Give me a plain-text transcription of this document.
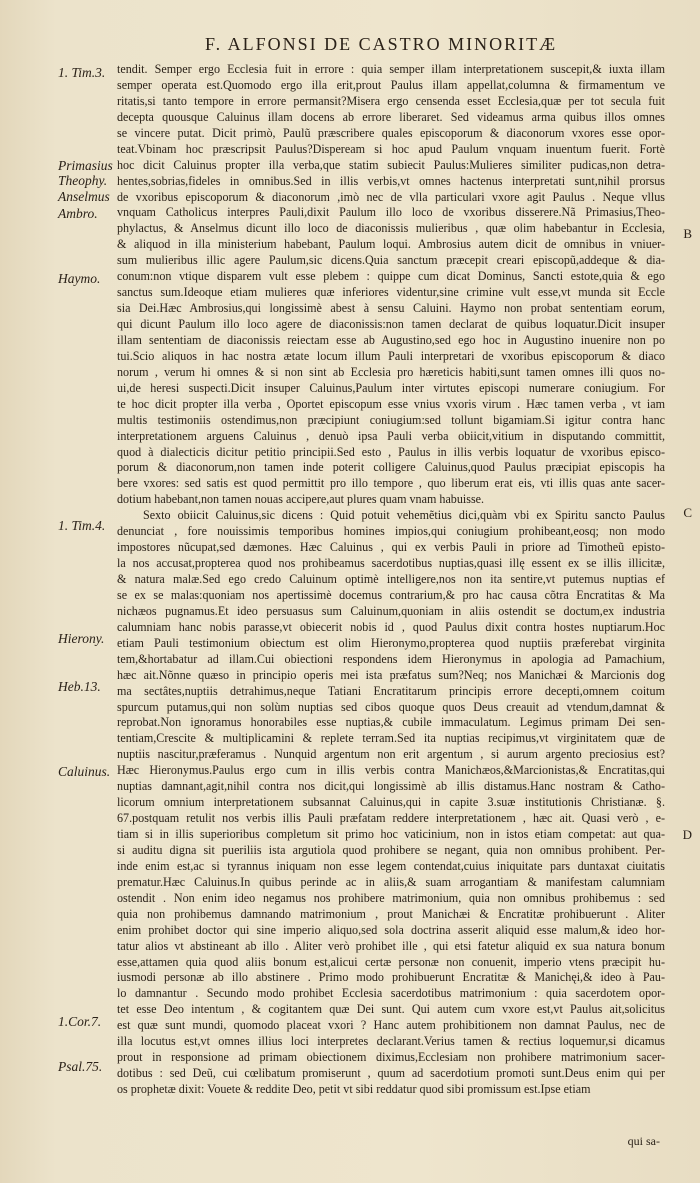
F. ALFONSI DE CASTRO MINORITÆ
1. Tim.3.
Primasius
Theophy.
Anselmus
Ambro.
Haymo.
1. Tim.4.
Hierony.
Heb.13.
Caluinus.
1.Cor.7.
Psal.75.
tendit. Semper ergo Ecclesia fuit in errore : quia semper illam interpretationem suscepit,& iuxta illam
semper operata est.Quomodo ergo illa erit,prout Paulus illam appellat,columna & firmamentum ve
ritatis,si tanto tempore in errore permansit?Misera ergo censenda esset Ecclesia,quæ per tot secula fuit
decepta quousque Caluinus illam docens ab errore liberaret. Sed videamus arma quibus illos omnes
se vincere putat. Dicit primò, Paulũ præscribere quales episcoporum & diaconorum vxores esse opor-
teat.Vbinam hoc præscripsit Paulus?Dispeream si hoc apud Paulum vnquam inuentum fuerit. Fortè
hoc dicit Caluinus propter illa verba,que statim subiecit Paulus:Mulieres similiter pudicas,non detra-
hentes,sobrias,fideles in omnibus.Sed in illis verbis,vt omnes hactenus interpretati sunt,nihil prorsus
de vxoribus episcoporum & diaconorum ,imò nec de vlla particulari vxore agit Paulus . Neque vllus
vnquam Catholicus interpres Pauli,dixit Paulum illo loco de vxoribus disserere.Nã Primasius,Theo-
phylactus, & Anselmus dicunt illo loco de diaconissis mulieribus , quæ olim habebantur in Ecclesia,
& aliquod in illa ministerium habebant, Paulum loqui. Ambrosius autem dicit de omnibus in vniuer-
sum mulieribus illic agere Paulum,sic dicens.Quia sanctum præcepit creari episcopũ,addeque & dia-
conum:non vtique disparem vult esse plebem : quippe cum dicat Dominus, Sancti estote,quia & ego
sanctus sum.Ideoque etiam mulieres quæ inferiores videntur,sine crimine vult esse,vt munda sit Eccle
sia Dei.Hæc Ambrosius,qui longissimè abest à sensu Caluini. Haymo non probat sententiam eorum,
qui dicunt Paulum illo loco agere de diaconissis:non tamen declarat de quibus loquatur.Dicit insuper
illam sententiam de diaconissis reiectam esse ab Augustino,sed ego hoc in Augustino inuenire non po
tui.Scio aliquos in hac nostra ætate locum illum Pauli interpretari de vxoribus episcoporum & diaco
norum , verum hi omnes & si non sint ab Ecclesia pro hæreticis habiti,sunt tamen omnes illi quos no-
ui,de heresi suspecti.Dicit insuper Caluinus,Paulum inter virtutes episcopi numerare coniugium. For
te hoc dicit propter illa verba , Oportet episcopum esse vnius vxoris virum . Hæc tamen verba , vt iam
multis testimoniis ostendimus,non præcipiunt coniugium:sed tollunt bigamiam.Si igitur contra hanc
interpretationem arguens Caluinus , denuò ipsa Pauli verba obiicit,vitium in disputando committit,
quod à dialecticis dicitur petitio principii.Sed esto , Paulus in illis verbis loquatur de vxoribus episco-
porum & diaconorum,non tamen inde poterit colligere Caluinus,quod Paulus præcipiat episcopis ha
bere vxores: sed satis est quod permittit pro illo tempore , quo liberum erat eis, vti illis quas ante sacer-
dotium habebant,non tamen nouas accipere,aut plures quam vnam habuisse.
Sexto obiicit Caluinus,sic dicens : Quid potuit vehemẽtius dici,quàm vbi ex Spiritu sancto Paulus
denunciat , fore nouissimis temporibus homines impios,qui coniugium prohibeant,eosq; non modo
impostores nũcupat,sed dæmones. Hæc Caluinus , qui ex verbis Pauli in priore ad Timotheũ episto-
la nos accusat,propterea quod nos prohibeamus sacerdotibus nuptias,quasi illę essent ex se illis illicitæ,
& natura malæ.Sed ego credo Caluinum optimè intelligere,nos non ita sentire,vt putemus nuptias ef
se ex se malas:quoniam nos apertissimè docemus contrarium,& pro hac causa cõtra Encratitas & Ma
nichæos pugnamus.Et ideo persuasus sum Caluinum,quoniam in aliis ostendit se doctum,ex industria
calumniam hanc nobis parasse,vt obiecerit nobis id , quod Paulus dixit contra hostes nuptiarum.Hoc
etiam Pauli testimonium obiectum est olim Hieronymo,propterea quod nuptiis præferebat virginita
tem,&hortabatur ad illam.Cui obiectioni respondens idem Hieronymus in apologia ad Pamachium,
hæc ait.Nõnne quæso in principio operis mei ista præfatus sum?Neq; nos Manichæi & Marcionis dog
ma sectâtes,nuptiis detrahimus,neque Tatiani Encratitarum principis errore decepti,omnem coitum
spurcum putamus,qui non solùm nuptias sed cibos quoque quos Deus creauit ad vtendum,damnat &
reprobat.Non ignoramus honorabiles esse nuptias,& cubile immaculatum. Legimus primam Dei sen-
tentiam,Crescite & multiplicamini & replete terram.Sed ita nuptias recipimus,vt virginitatem quæ de
nuptiis nascitur,præferamus . Nunquid argentum non erit argentum , si aurum argento preciosius est?
Hæc Hieronymus.Paulus ergo cum in illis verbis contra Manichæos,&Marcionistas,& Encratitas,qui
nuptias damnant,agit,nihil contra nos dicit,qui longissimè ab illis distamus.Hanc nostram & Catho-
licorum omnium interpretationem subsannat Caluinus,qui in capite 3.suæ institutionis Christianæ. §.
67.postquam retulit nos verbis illis Pauli præfatam reddere interpretationem , hæc ait. Quasi verò , e-
tiam si in illis superioribus completum sit primo hoc vaticinium, non in istos etiam competat: aut qua-
si auditu digna sit pueriliis ista argutiola quod prohibere se negant, quia non omnibus prohibent. Per-
inde enim est,ac si tyrannus iniquam non esse legem contendat,cuius iniquitate pars duntaxat ciuitatis
prematur.Hæc Caluinus.In quibus perinde ac in aliis,& suam arrogantiam & manifestam calumniam
ostendit . Non enim ideo negamus nos prohibere matrimonium, quia non omnibus prohibemus : sed
quia non prohibemus damnando matrimonium , prout Manichæi & Encratitæ prohibuerunt . Aliter
enim prohibet doctor qui sine imperio aliquo,sed sola doctrina asserit aliquid esse malum,& ideo hor-
tatur alios vt abstineant ab illo . Aliter verò prohibet ille , qui etsi fatetur aliquid ex sua natura bonum
esse,attamen quia quod aliis bonum est,alicui certæ personæ non conuenit, imperio vtens præcipit hu-
iusmodi personæ ab illo abstinere . Primo modo prohibuerunt Encratitæ & Manichęi,& ideo à Pau-
lo damnantur . Secundo modo prohibet Ecclesia sacerdotibus matrimonium : quia sacerdotem opor-
tet esse Deo intentum , & cogitantem quæ Dei sunt. Qui autem cum vxore est,vt Paulus ait,solicitus
est quæ sunt mundi, quomodo placeat vxori ? Hanc autem prohibitionem non damnat Paulus, nec de
illa locutus est,vt omnes illius loci interpretes declarant.Verius tamen & rectius loquemur,si dicamus
prout in responsione ad primam obiectionem diximus,Ecclesiam non prohibere matrimonium sacer-
dotibus : sed Deũ, cui cœlibatum promiserunt , quum ad sacerdotium promoti sunt.Deus enim qui per
os prophetæ dixit: Vouete & reddite Deo, petit vt sibi reddatur quod sibi promissum est.Ipse etiam
qui sa-
B
C
D
